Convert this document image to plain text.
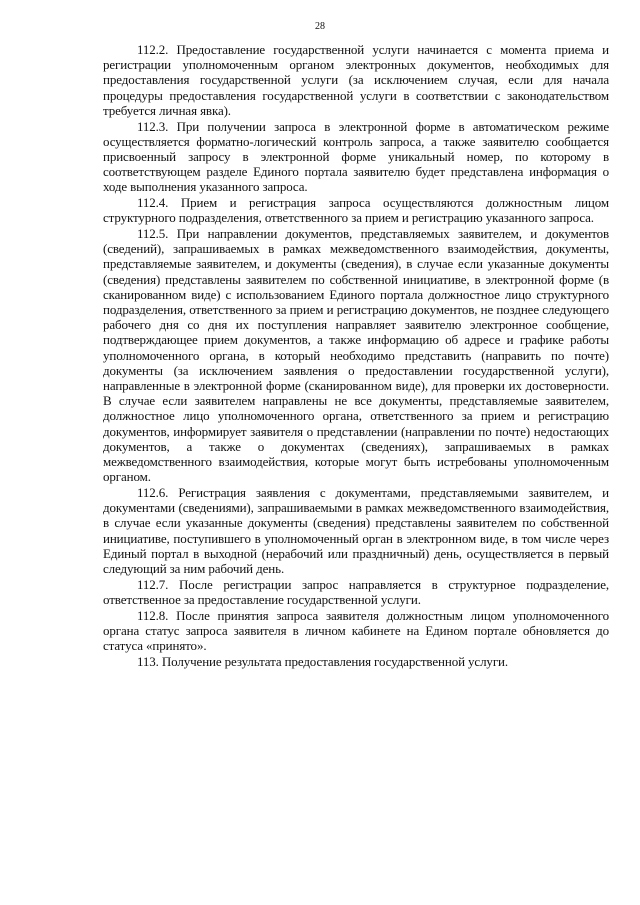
28

112.2. Предоставление государственной услуги начинается с момента приема и регистрации уполномоченным органом электронных документов, необходимых для предоставления государственной услуги (за исключением случая, если для начала процедуры предоставления государственной услуги в соответствии с законодательством требуется личная явка).

112.3. При получении запроса в электронной форме в автоматическом режиме осуществляется форматно-логический контроль запроса, а также заявителю сообщается присвоенный запросу в электронной форме уникальный номер, по которому в соответствующем разделе Единого портала заявителю будет представлена информация о ходе выполнения указанного запроса.

112.4. Прием и регистрация запроса осуществляются должностным лицом структурного подразделения, ответственного за прием и регистрацию указанного запроса.

112.5. При направлении документов, представляемых заявителем, и документов (сведений), запрашиваемых в рамках межведомственного взаимодействия, документы, представляемые заявителем, и документы (сведения), в случае если указанные документы (сведения) представлены заявителем по собственной инициативе, в электронной форме (в сканированном виде) с использованием Единого портала должностное лицо структурного подразделения, ответственного за прием и регистрацию документов, не позднее следующего рабочего дня со дня их поступления направляет заявителю электронное сообщение, подтверждающее прием документов, а также информацию об адресе и графике работы уполномоченного органа, в который необходимо представить (направить по почте) документы (за исключением заявления о предоставлении государственной услуги), направленные в электронной форме (сканированном виде), для проверки их достоверности. В случае если заявителем направлены не все документы, представляемые заявителем, должностное лицо уполномоченного органа, ответственного за прием и регистрацию документов, информирует заявителя о представлении (направлении по почте) недостающих документов, а также о документах (сведениях), запрашиваемых в рамках межведомственного взаимодействия, которые могут быть истребованы уполномоченным органом.

112.6. Регистрация заявления с документами, представляемыми заявителем, и документами (сведениями), запрашиваемыми в рамках межведомственного взаимодействия, в случае если указанные документы (сведения) представлены заявителем по собственной инициативе, поступившего в уполномоченный орган в электронном виде, в том числе через Единый портал в выходной (нерабочий или праздничный) день, осуществляется в первый следующий за ним рабочий день.

112.7. После регистрации запрос направляется в структурное подразделение, ответственное за предоставление государственной услуги.

112.8. После принятия запроса заявителя должностным лицом уполномоченного органа статус запроса заявителя в личном кабинете на Едином портале обновляется до статуса «принято».

113. Получение результата предоставления государственной услуги.
